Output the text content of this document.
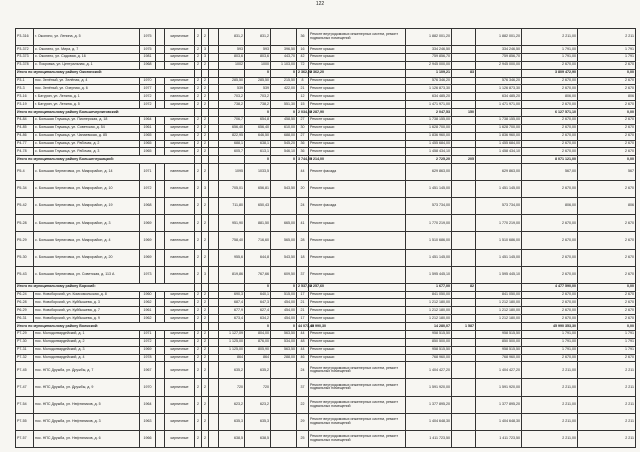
122
Р3-316	г. Ожогино, ул. Ленина, д. 5	1975		кирпичные	2	2		831,2	831,2		36	Ремонт внутридомовых инженерных систем, ремонт подвальных помещений	1 882 001,20		1 882 001,20	2 211,00	2 211	
Р3-372	с. Ожогино, ул. Мира, д. 7	1975		кирпичные	2	3		593	593	396,50	16	Ремонт крыши	334 246,50		334 246,50	1 791,00	1 791	
Р3-373	с. Ожогино, ул. Садовая, д. 16	1981		кирпичные	2	3		803,6	803,6	443,70	42	Ремонт крыши	759 856,70		759 856,70	1 791,00	1 791	
Р3-378	с. Покровка, ул. Центральная, д. 1	1968		кирпичные	2	2		1002	1000	1 103,00	72	Ремонт крыши	2 945 000,00		2 945 000,00	2 670,00	2 670	
Итого по муниципальному району Ожогинский:									0	0	2 362,20	2 362,20	1 109,21	83		3 809 472,90	0,00			
Р3-1	пос. Зелёный, ул. Зелёная, д. 4	1970		кирпичные	2	2		285,50	285,50	215,50	8	Ремонт крыши	576 346,20		576 346,20	2 670,00	2 670	
Р3-3	пос. Зелёный, ул. Озерная, д. 6	1977		кирпичные	2	2		539	539	422,00	21	Ремонт крыши	1 126 873,30		1 126 873,30	2 670,00	2 670	
Р3-16	г. Батурин, ул. Ленина, д. 1	1972		панельные	2	2		703,2	703,2		12	Ремонт крыши	634 485,20		634 485,20	806,00	806	
Р3-19	г. Батурин, ул. Ленина, д. 5	1972		кирпичные	2	2		738,2	738,2	551,30	15	Ремонт крыши	1 471 971,00		1 471 971,00	2 670,00	2 670	
Итого по муниципальному району Большечерниговский:									0	0	2 034,09	2 287,90	2 047,53	150		6 127 571,10	0,00			
Р4-84	с. Большая Глушица, ул. Пионерская, д. 18	1964		кирпичные	2	2		706,7	654,8	458,50	27	Ремонт крыши	1 738 155,00		1 738 155,00	2 670,00	2 670	
Р4-85	с. Большая Глушица, ул. Советская, д. 54	1961		кирпичные	2	2		656,40	656,40	610,00	30	Ремонт крыши	1 628 700,00		1 628 700,00	2 670,00	2 670	
Р4-86	с. Большая Глушица, ул. Чапаевская, д. 85	1965		кирпичные	2	2		822,95	646,50	688,00	27	Ремонт крыши	1 836 960,00		1 836 960,00	2 670,00	2 670	
Р4-77	с. Большая Глушица, ул. Рабочая, д. 2	1965		кирпичные	2	2		688,1	638,1	545,20	36	Ремонт крыши	1 455 684,00		1 455 684,00	2 670,00	2 670	
Р4-78	с. Большая Глушица, ул. Рабочая, д. 3	1965		кирпичные	2	2		605,7	613,1	546,10	36	Ремонт крыши	1 458 434,10		1 458 434,10	2 670,00	2 670	
Итого по муниципальному району Большеглушицкий:									0	0	3 744,09	3 214,00	2 725,20	205		8 071 121,00	0,00			
Р5-4	с. Большая Черниговка, ул. Микрорайон, д. 14	1971		панельные	2	2		1095	1033,5		44	Ремонт фасада	629 863,00		629 863,00	567,00	567	
Р5-34	с. Большая Черниговка, ул. Микрорайон, д. 10	1972		панельные	2	3		705,01	656,81	543,50	20	Ремонт крыши	1 451 145,00		1 451 145,00	2 670,00	2 670	
Р5-42	с. Большая Черниговка, ул. Микрорайон, д. 19	1968		панельные	2	2		711,80	650,43		24	Ремонт фасада	573 734,00		573 734,00	806,00	806	
Р5-28	с. Большая Черниговка, ул. Микрорайон, д. 3	1969		панельные	2	2		951,90	881,50	665,00	41	Ремонт крыши	1 770 219,00		1 770 219,00	2 670,00	2 670	
Р5-29	с. Большая Черниговка, ул. Микрорайон, д. 4	1969		панельные	2	2		758,40	716,60	565,00	28	Ремонт крыши	1 510 686,00		1 510 686,00	2 670,00	2 670	
Р5-30	с. Большая Черниговка, ул. Микрорайон, д. 20	1969		панельные	2	2		955,6	644,8	543,50	18	Ремонт крыши	1 451 145,00		1 451 145,00	2 670,00	2 670	
Р5-43	с. Большая Черниговка, ул. Советская, д. 113 А	1973		панельные	2	3		819,86	767,66	609,50	37	Ремонт крыши	1 595 445,10		1 595 445,10	2 670,00	2 670	
Итого по муниципальному району Борский:									0	0	2 537,00	2 257,60	1 677,00	82		4 477 590,00	0,00			
Р6-24	пос. Новоборский, ул. Комсомольская, д. 8	1960		кирпичные	2	2		690,3	640,1	515,00	17	Ремонт крыши	841 050,00		841 050,00	2 670,00	2 670	
Р6-28	пос. Новоборский, ул. Куйбышева, д. 3	1962		кирпичные	2	2		687,4	647,3	454,00	21	Ремонт крыши	1 212 180,00		1 212 180,00	2 670,00	2 670	
Р6-29	пос. Новоборский, ул. Куйбышева, д. 7	1961		кирпичные	2	2		677,9	627,4	454,00	21	Ремонт крыши	1 212 180,00		1 212 180,00	2 670,00	2 670	
Р6-31	пос. Новоборский, ул. Куйбышева, д. 9	1962		кирпичные	2	2		673,4	634,2	454,00	17	Ремонт крыши	1 212 180,00		1 212 180,00	2 670,00	2 670	
Итого по муниципальному району Волжский:									0	0	44 073,40	43 990,30	14 280,07	1 587		45 990 353,30	0,00			
Р7-29	пос. Молодогвардейский, д. 1	1971		кирпичные	2	2		1 127,09	804,00	563,50	44	Ремонт крыши	958 515,50		958 515,50	1 791,00	1 791	
Р7-30	пос. Молодогвардейский, д. 2	1972		кирпичные	2	2		1 125,00	876,00	534,00	48	Ремонт крыши	850 500,00		850 500,00	1 791,00	1 791	
Р7-31	пос. Молодогвардейский, д. 3	1969		кирпичные	2	2		1 125,00	805,90	563,50	44	Ремонт крыши	958 515,50		958 515,50	1 791,00	1 791	
Р7-32	пос. Молодогвардейский, д. 4	1978		кирпичные	2	2		864	864	288,00	46	Ремонт крыши	768 960,00		768 960,00	2 670,00	2 670	
Р7-45	пос. НПС Дружба, ул. Дружбы, д. 7	1967		кирпичные	2	2		635,2	635,2		24	Ремонт внутридомовых инженерных систем, ремонт подвальных помещений	1 404 427,20		1 404 427,20	2 211,00	2 211	
Р7-47	пос. НПС Дружба, ул. Дружбы, д. 9	1970		кирпичные	2	2		720	720		37	Ремонт внутридомовых инженерных систем, ремонт подвальных помещений	1 591 920,00		1 591 920,00	2 211,00	2 211	
Р7-54	пос. НПС Дружба, ул. Нефтяников, д. 5	1964		кирпичные	2	2		623,2	623,2		22	Ремонт внутридомовых инженерных систем, ремонт подвальных помещений	1 377 895,20		1 377 895,20	2 211,00	2 211	
Р7-55	пос. НПС Дружба, ул. Нефтяников, д. 3	1963		кирпичные	2	2		635,3	635,3		29	Ремонт внутридомовых инженерных систем, ремонт подвальных помещений	1 404 648,30		1 404 648,30	2 211,00	2 211	
Р7-57	пос. НПС Дружба, ул. Нефтяников, д. 6	1966		кирпичные	2	2		638,5	638,5		25	Ремонт внутридомовых инженерных систем, ремонт подвальных помещений	1 411 723,50		1 411 723,50	2 211,00	2 211	
